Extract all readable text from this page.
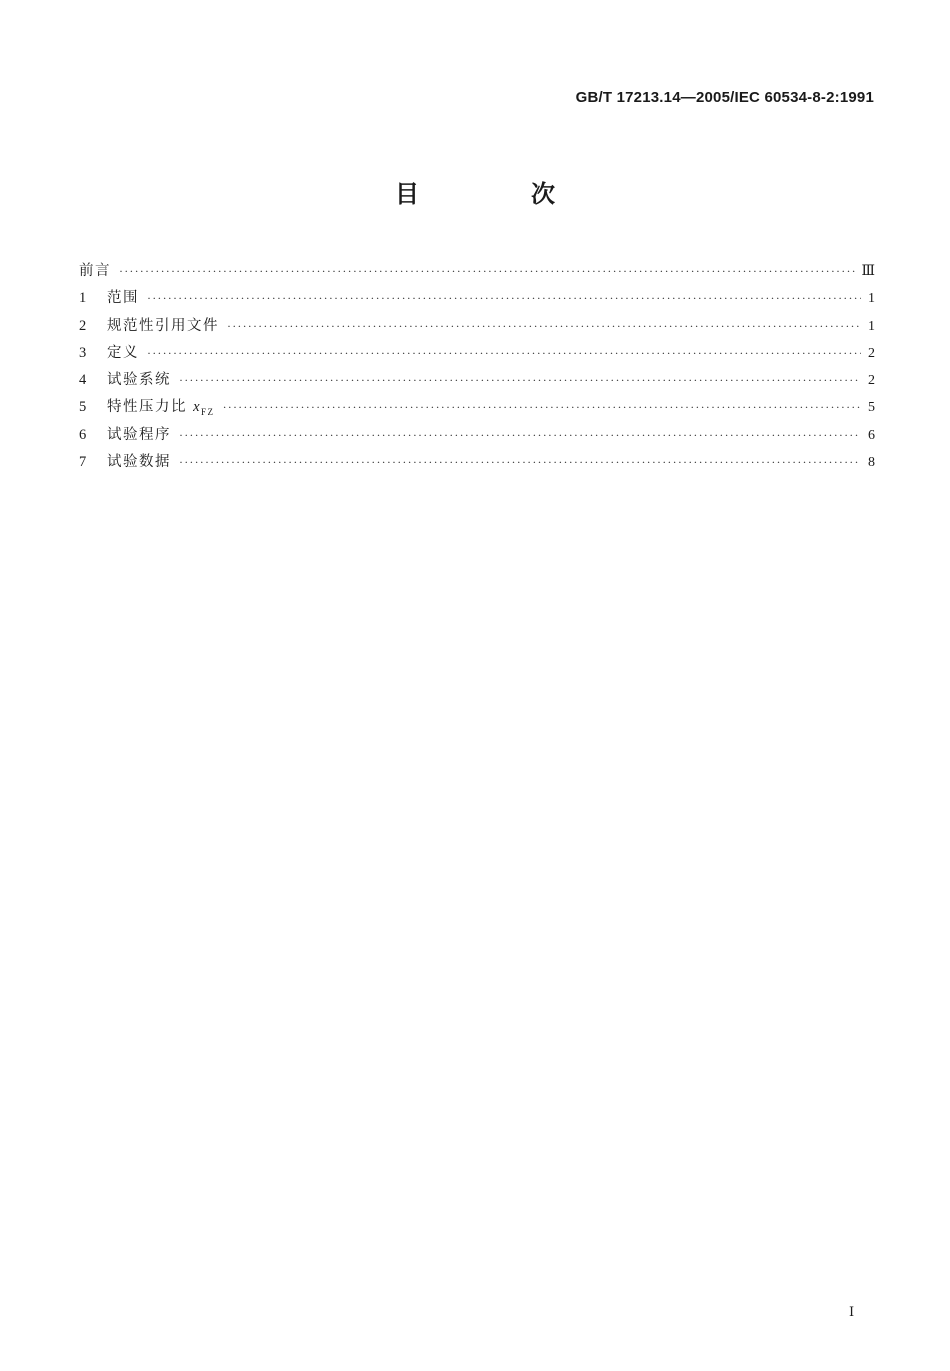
GB/T 17213.14—2005/IEC 60534-8-2:1991
目　次
前言 ·····	Ⅲ
1	范围 ·····	1
2	规范性引用文件 ·····	1
3	定义 ·····	2
4	试验系统 ·····	2
5	特性压力比 $x_{FZ}$ ·····	5
6	试验程序 ·····	6
7	试验数据 ·····	8
Ⅰ
